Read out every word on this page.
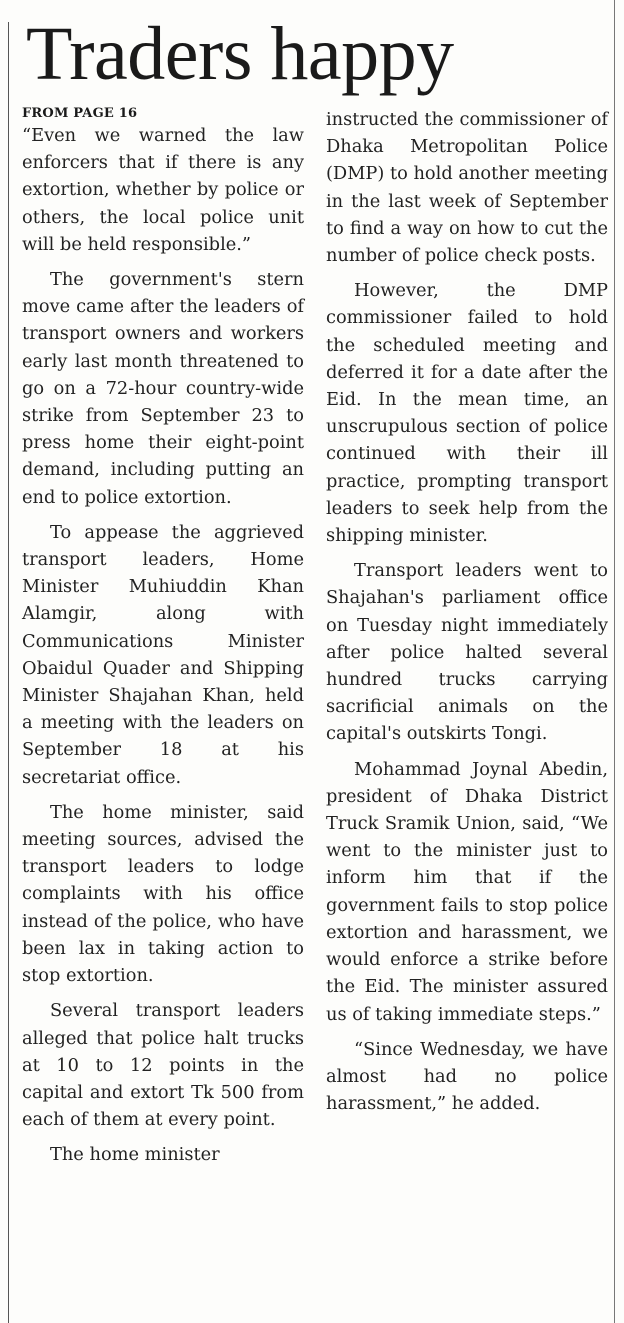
Traders happy
FROM PAGE 16

“Even we warned the law enforcers that if there is any extortion, whether by police or others, the local police unit will be held responsible.”

The government's stern move came after the leaders of transport owners and workers early last month threatened to go on a 72-hour country-wide strike from September 23 to press home their eight-point demand, including putting an end to police extortion.

To appease the aggrieved transport leaders, Home Minister Muhiuddin Khan Alamgir, along with Communications Minister Obaidul Quader and Shipping Minister Shajahan Khan, held a meeting with the leaders on September 18 at his secretariat office.

The home minister, said meeting sources, advised the transport leaders to lodge complaints with his office instead of the police, who have been lax in taking action to stop extortion.

Several transport leaders alleged that police halt trucks at 10 to 12 points in the capital and extort Tk 500 from each of them at every point.

The home minister

instructed the commissioner of Dhaka Metropolitan Police (DMP) to hold another meeting in the last week of September to find a way on how to cut the number of police check posts.

However, the DMP commissioner failed to hold the scheduled meeting and deferred it for a date after the Eid. In the mean time, an unscrupulous section of police continued with their ill practice, prompting transport leaders to seek help from the shipping minister.

Transport leaders went to Shajahan's parliament office on Tuesday night immediately after police halted several hundred trucks carrying sacrificial animals on the capital's outskirts Tongi.

Mohammad Joynal Abedin, president of Dhaka District Truck Sramik Union, said, “We went to the minister just to inform him that if the government fails to stop police extortion and harassment, we would enforce a strike before the Eid. The minister assured us of taking immediate steps.”

“Since Wednesday, we have almost had no police harassment,” he added.
